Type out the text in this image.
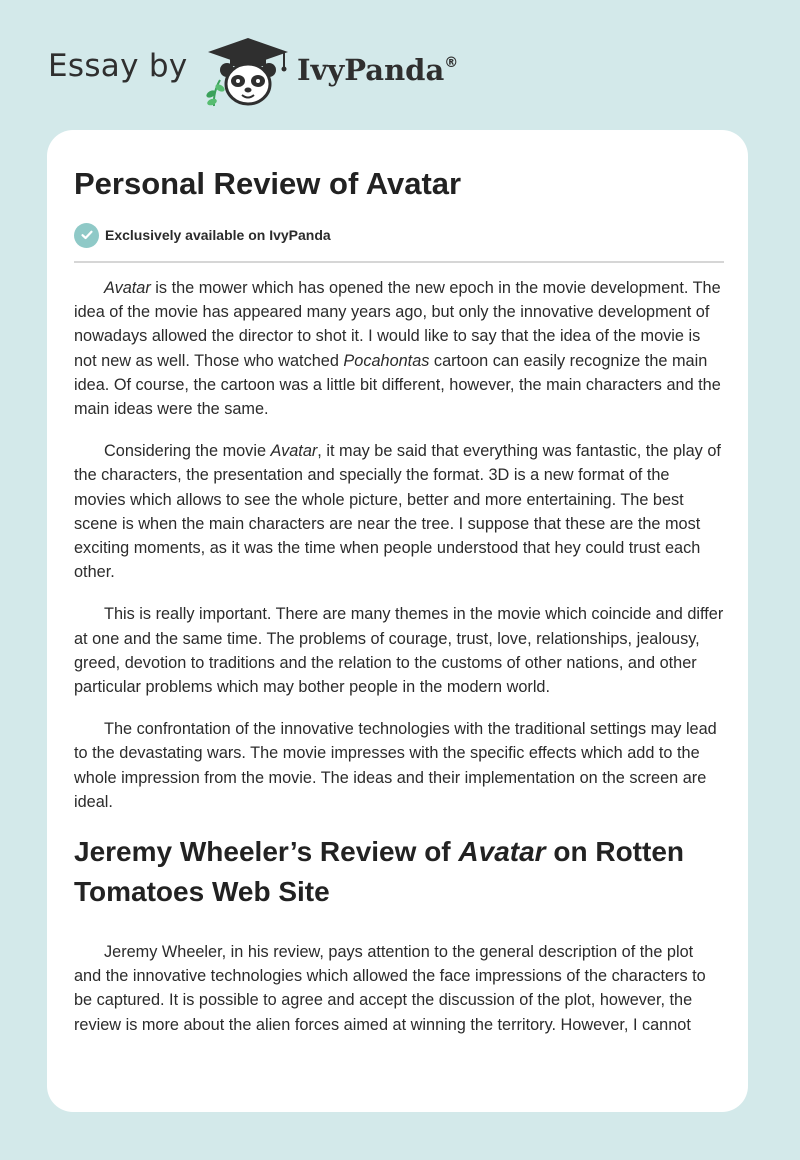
Essay by	IvyPanda®
Personal Review of Avatar
Exclusively available on IvyPanda

Avatar is the mower which has opened the new epoch in the movie development. The idea of the movie has appeared many years ago, but only the innovative development of nowadays allowed the director to shot it. I would like to say that the idea of the movie is not new as well. Those who watched Pocahontas cartoon can easily recognize the main idea. Of course, the cartoon was a little bit different, however, the main characters and the main ideas were the same.

Considering the movie Avatar, it may be said that everything was fantastic, the play of the characters, the presentation and specially the format. 3D is a new format of the movies which allows to see the whole picture, better and more entertaining. The best scene is when the main characters are near the tree. I suppose that these are the most exciting moments, as it was the time when people understood that hey could trust each other.

This is really important. There are many themes in the movie which coincide and differ at one and the same time. The problems of courage, trust, love, relationships, jealousy, greed, devotion to traditions and the relation to the customs of other nations, and other particular problems which may bother people in the modern world.

The confrontation of the innovative technologies with the traditional settings may lead to the devastating wars. The movie impresses with the specific effects which add to the whole impression from the movie. The ideas and their implementation on the screen are ideal.

Jeremy Wheeler’s Review of Avatar on Rotten Tomatoes Web Site

Jeremy Wheeler, in his review, pays attention to the general description of the plot and the innovative technologies which allowed the face impressions of the characters to be captured. It is possible to agree and accept the discussion of the plot, however, the review is more about the alien forces aimed at winning the territory. However, I cannot
